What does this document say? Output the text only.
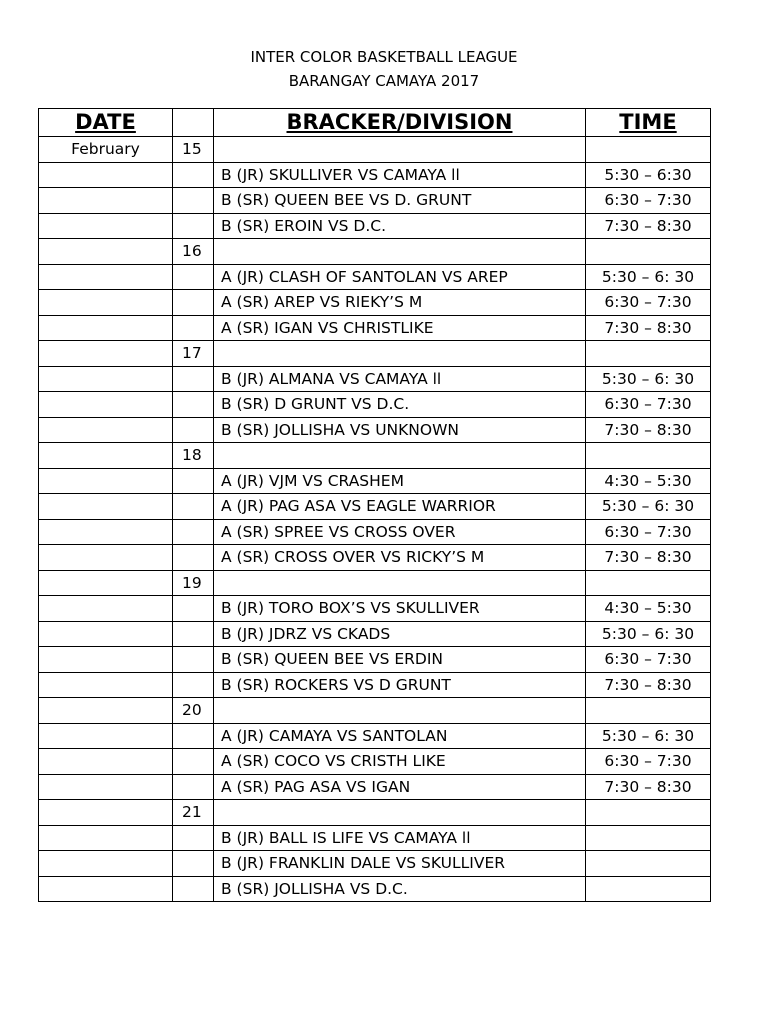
INTER COLOR BASKETBALL LEAGUE
BARANGAY CAMAYA 2017
DATE		BRACKER/DIVISION	TIME
February	15		
		B (JR) SKULLIVER VS CAMAYA ll	5:30 – 6:30
		B (SR) QUEEN BEE VS D. GRUNT	6:30 – 7:30
		B (SR) EROIN VS D.C.	7:30 – 8:30
	16		
		A (JR) CLASH OF SANTOLAN VS AREP	5:30 – 6: 30
		A (SR) AREP VS RIEKY’S M	6:30 – 7:30
		A (SR) IGAN VS CHRISTLIKE	7:30 – 8:30
	17		
		B (JR) ALMANA VS CAMAYA ll	5:30 – 6: 30
		B (SR) D GRUNT VS D.C.	6:30 – 7:30
		B (SR) JOLLISHA VS UNKNOWN	7:30 – 8:30
	18		
		A (JR) VJM VS CRASHEM	4:30 – 5:30
		A (JR) PAG ASA VS EAGLE WARRIOR	5:30 – 6: 30
		A (SR) SPREE VS CROSS OVER	6:30 – 7:30
		A (SR) CROSS OVER VS RICKY’S M	7:30 – 8:30
	19		
		B (JR) TORO BOX’S VS SKULLIVER	4:30 – 5:30
		B (JR) JDRZ VS CKADS	5:30 – 6: 30
		B (SR) QUEEN BEE VS ERDIN	6:30 – 7:30
		B (SR) ROCKERS VS D GRUNT	7:30 – 8:30
	20		
		A (JR) CAMAYA VS SANTOLAN	5:30 – 6: 30
		A (SR) COCO VS CRISTH LIKE	6:30 – 7:30
		A (SR) PAG ASA VS IGAN	7:30 – 8:30
	21		
		B (JR) BALL IS LIFE VS CAMAYA ll	
		B (JR) FRANKLIN DALE VS SKULLIVER	
		B (SR) JOLLISHA VS D.C.	
